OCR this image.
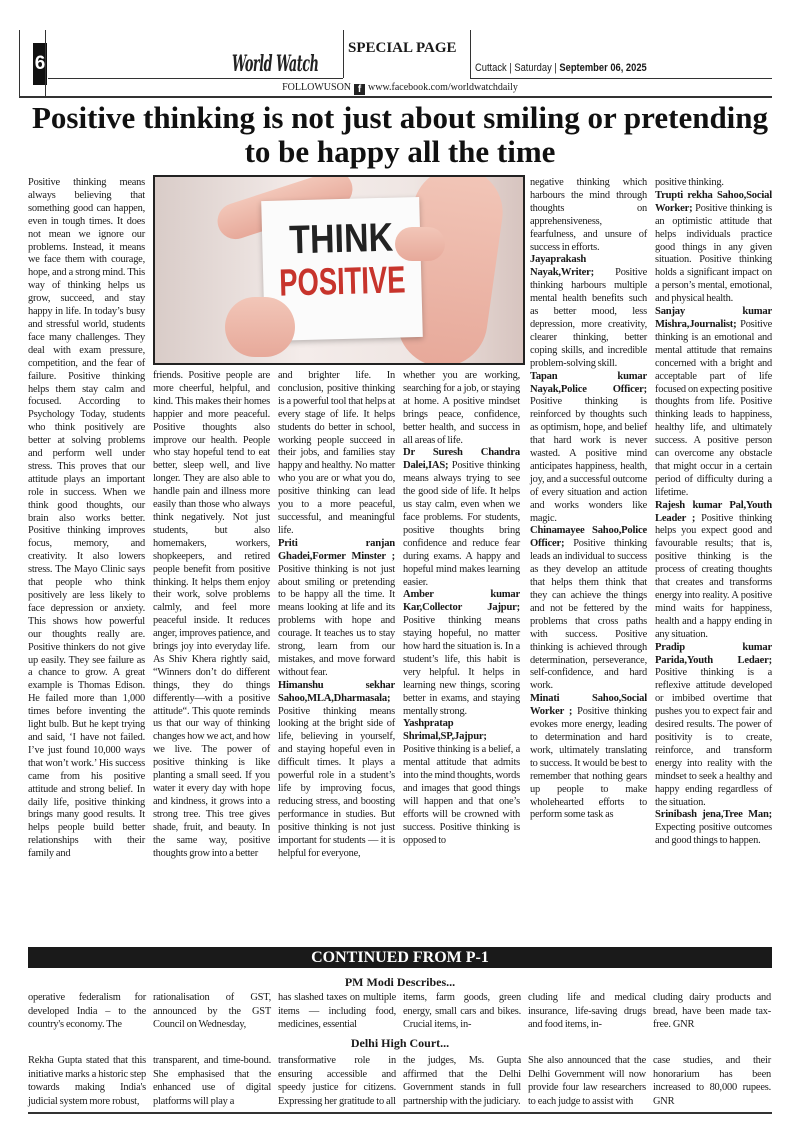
6	World Watch
SPECIAL PAGE
Cuttack | Saturday | September 06, 2025
FOLLOWUSON f www.facebook.com/worldwatchdaily
Positive thinking is not just about smiling or pretending to be happy all the time
THINK
POSITIVE

Positive thinking means always believing that something good can happen, even in tough times. It does not mean we ignore our problems. Instead, it means we face them with courage, hope, and a strong mind. This way of thinking helps us grow, succeed, and stay happy in life. In today’s busy and stressful world, students face many challenges. They deal with exam pressure, competition, and the fear of failure. Positive thinking helps them stay calm and focused. According to Psychology Today, students who think positively are better at solving problems and perform well under stress. This proves that our attitude plays an important role in success. When we think good thoughts, our brain also works better. Positive thinking improves focus, memory, and creativity. It also lowers stress. The Mayo Clinic says that people who think positively are less likely to face depression or anxiety. This shows how powerful our thoughts really are. Positive thinkers do not give up easily. They see failure as a chance to grow. A great example is Thomas Edison. He failed more than 1,000 times before inventing the light bulb. But he kept trying and said, ‘I have not failed. I’ve just found 10,000 ways that won’t work.’ His success came from his positive attitude and strong belief. In daily life, positive thinking brings many good results. It helps people build better relationships with their family and

friends. Positive people are more cheerful, helpful, and kind. This makes their homes happier and more peaceful. Positive thoughts also improve our health. People who stay hopeful tend to eat better, sleep well, and live longer. They are also able to handle pain and illness more easily than those who always think negatively. Not just students, but also homemakers, workers, shopkeepers, and retired people benefit from positive thinking. It helps them enjoy their work, solve problems calmly, and feel more peaceful inside. It reduces anger, improves patience, and brings joy into everyday life. As Shiv Khera rightly said, “Winners don’t do different things, they do things differently—with a positive attitude“. This quote reminds us that our way of thinking changes how we act, and how we live. The power of positive thinking is like planting a small seed. If you water it every day with hope and kindness, it grows into a strong tree. This tree gives shade, fruit, and beauty. In the same way, positive thoughts grow into a better

and brighter life. In conclusion, positive thinking is a powerful tool that helps at every stage of life. It helps students do better in school, working people succeed in their jobs, and families stay happy and healthy. No matter who you are or what you do, positive thinking can lead you to a more peaceful, successful, and meaningful life.

Priti ranjan Ghadei,Former Minster ; Positive thinking is not just about smiling or pretending to be happy all the time. It means looking at life and its problems with hope and courage. It teaches us to stay strong, learn from our mistakes, and move forward without fear.

Himanshu sekhar Sahoo,MLA,Dharmasala; Positive thinking means looking at the bright side of life, believing in yourself, and staying hopeful even in difficult times. It plays a powerful role in a student’s life by improving focus, reducing stress, and boosting performance in studies. But positive thinking is not just important for students — it is helpful for everyone,

whether you are working, searching for a job, or staying at home. A positive mindset brings peace, confidence, better health, and success in all areas of life.

Dr Suresh Chandra Dalei,IAS; Positive thinking means always trying to see the good side of life. It helps us stay calm, even when we face problems. For students, positive thoughts bring confidence and reduce fear during exams. A happy and hopeful mind makes learning easier.

Amber kumar Kar,Collector Jajpur; Positive thinking means staying hopeful, no matter how hard the situation is. In a student’s life, this habit is very helpful. It helps in learning new things, scoring better in exams, and staying mentally strong.

Yashpratap Shrimal,SP,Jajpur; Positive thinking is a belief, a mental attitude that admits into the mind thoughts, words and images that good things will happen and that one’s efforts will be crowned with success. Positive thinking is opposed to

negative thinking which harbours the mind through thoughts on apprehensiveness, fearfulness, and unsure of success in efforts.

Jayaprakash Nayak,Writer; Positive thinking harbours multiple mental health benefits such as better mood, less depression, more creativity, clearer thinking, better coping skills, and incredible problem-solving skill.

Tapan kumar Nayak,Police Officer; Positive thinking is reinforced by thoughts such as optimism, hope, and belief that hard work is never wasted. A positive mind anticipates happiness, health, joy, and a successful outcome of every situation and action and works wonders like magic.

Chinamayee Sahoo,Police Officer; Positive thinking leads an individual to success as they develop an attitude that helps them think that they can achieve the things and not be fettered by the problems that cross paths with success. Positive thinking is achieved through determination, perseverance, self-confidence, and hard work.

Minati Sahoo,Social Worker ; Positive thinking evokes more energy, leading to determination and hard work, ultimately translating to success. It would be best to remember that nothing gears up people to make wholehearted efforts to perform some task as

positive thinking.

Trupti rekha Sahoo,Social Worker; Positive thinking is an optimistic attitude that helps individuals practice good things in any given situation. Positive thinking holds a significant impact on a person’s mental, emotional, and physical health.

Sanjay kumar Mishra,Journalist; Positive thinking is an emotional and mental attitude that remains concerned with a bright and acceptable part of life focused on expecting positive thoughts from life. Positive thinking leads to happiness, healthy life, and ultimately success. A positive person can overcome any obstacle that might occur in a certain period of difficulty during a lifetime.

Rajesh kumar Pal,Youth Leader ; Positive thinking helps you expect good and favourable results; that is, positive thinking is the process of creating thoughts that creates and transforms energy into reality. A positive mind waits for happiness, health and a happy ending in any situation.

Pradip kumar Parida,Youth Ledaer; Positive thinking is a reflexive attitude developed or imbibed overtime that pushes you to expect fair and desired results. The power of positivity is to create, reinforce, and transform energy into reality with the mindset to seek a healthy and happy ending regardless of the situation.

Srinibash jena,Tree Man; Expecting positive outcomes and good things to happen.

CONTINUED FROM P-1
PM Modi Describes...
operative federalism for developed India – to the country's economy. The
rationalisation of GST, announced by the GST Council on Wednesday,
has slashed taxes on multiple items — including food, medicines, essential
items, farm goods, green energy, small cars and bikes. Crucial items, in-
cluding life and medical insurance, life-saving drugs and food items, in-
cluding dairy products and bread, have been made tax-free. GNR
Delhi High Court...
Rekha Gupta stated that this initiative marks a historic step towards making India's judicial system more robust,
transparent, and time-bound. She emphasised that the enhanced use of digital platforms will play a
transformative role in ensuring accessible and speedy justice for citizens. Expressing her gratitude to all
the judges, Ms. Gupta affirmed that the Delhi Government stands in full partnership with the judiciary.
She also announced that the Delhi Government will now provide four law researchers to each judge to assist with
case studies, and their honorarium has been increased to 80,000 rupees. GNR
